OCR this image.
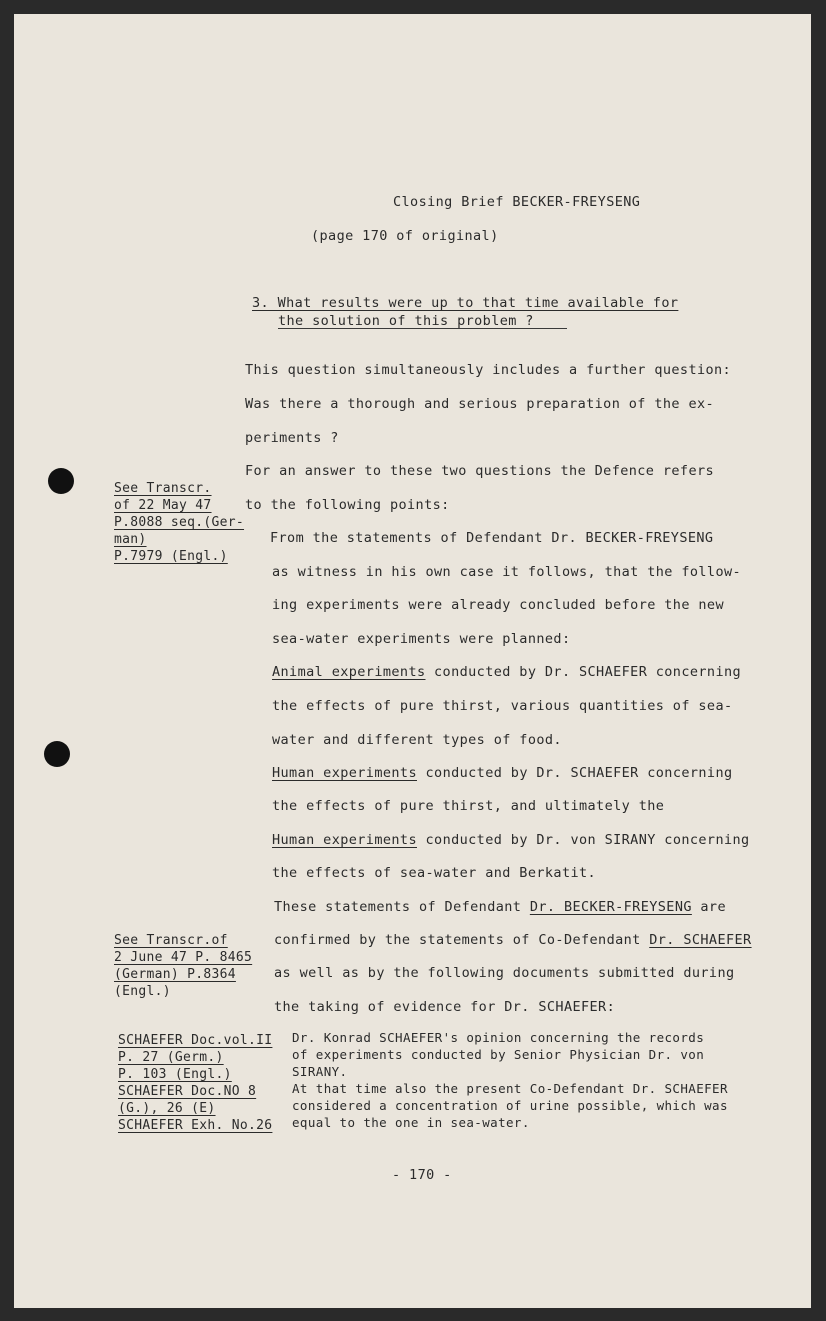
Closing Brief BECKER-FREYSENG
(page 170 of original)
3. What results were up to that time available for
the solution of this problem ?
This question simultaneously includes a further question:
Was there a thorough and serious preparation of the ex-
periments ?
For an answer to these two questions the Defence refers
to the following points:
From the statements of Defendant Dr. BECKER-FREYSENG
as witness in his own case it follows, that the follow-
ing experiments were already concluded before the new
sea-water experiments were planned:
Animal experiments conducted by Dr. SCHAEFER concerning
the effects of pure thirst, various quantities of sea-
water and different types of food.
Human experiments conducted by Dr. SCHAEFER concerning
the effects of pure thirst, and ultimately the
Human experiments conducted by Dr. von SIRANY concerning
the effects of sea-water and Berkatit.
These statements of Defendant Dr. BECKER-FREYSENG are
confirmed by the statements of Co-Defendant Dr. SCHAEFER
as well as by the following documents submitted during
the taking of evidence for Dr. SCHAEFER:
Dr. Konrad SCHAEFER's opinion concerning the records
of experiments conducted by Senior Physician Dr. von
SIRANY.
At that time also the present Co-Defendant Dr. SCHAEFER
considered a concentration of urine possible, which was
equal to the one in sea-water.
See Transcr.
of 22 May 47
P.8088 seq.(Ger-
man)
P.7979 (Engl.)
See Transcr.of
2 June 47 P. 8465
(German) P.8364
(Engl.)
SCHAEFER Doc.vol.II
P. 27 (Germ.)
P. 103 (Engl.)
SCHAEFER Doc.NO 8
(G.), 26 (E)
SCHAEFER Exh. No.26
- 170 -
